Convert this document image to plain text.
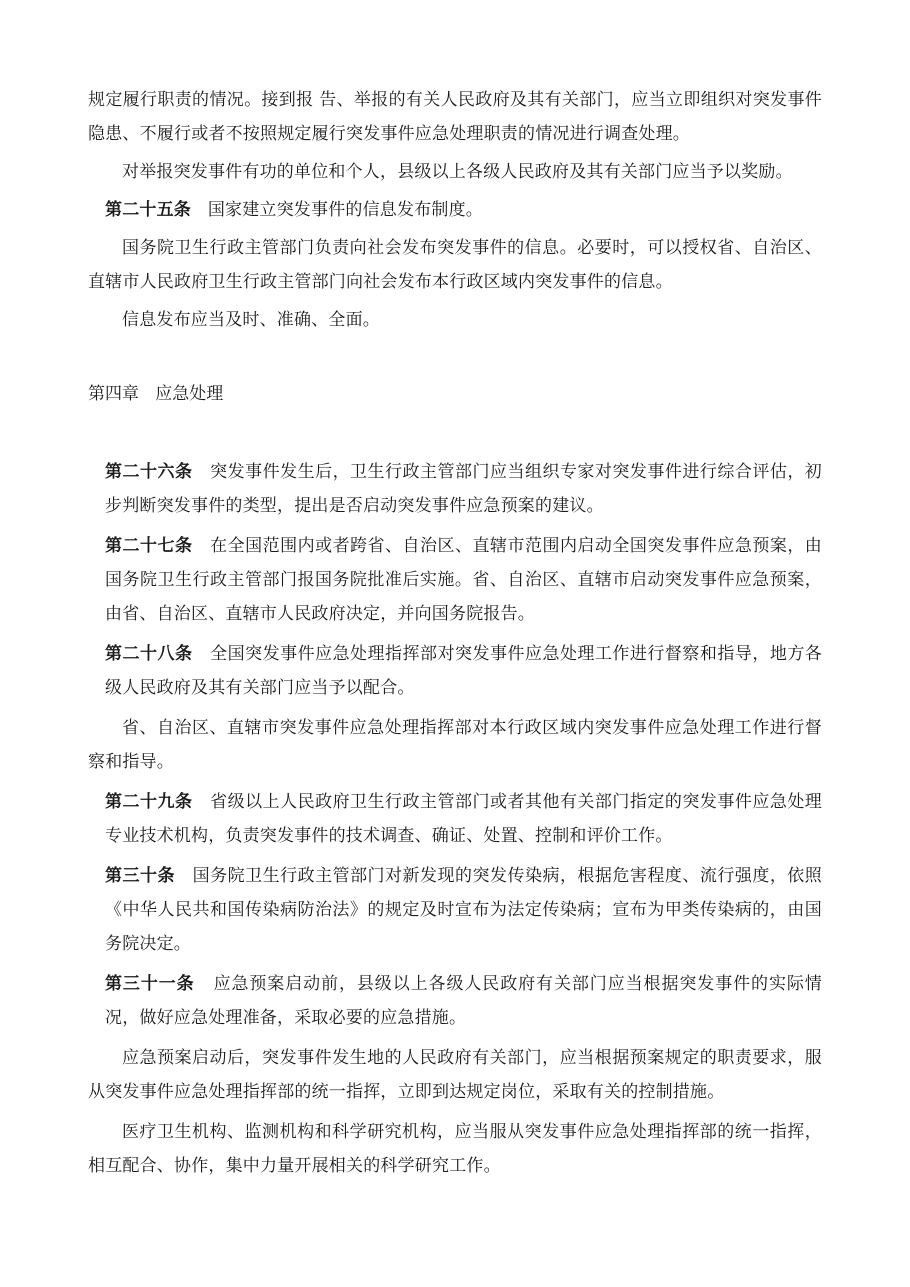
规定履行职责的情况。接到报 告、举报的有关人民政府及其有关部门，应当立即组织对突发事件隐患、不履行或者不按照规定履行突发事件应急处理职责的情况进行调查处理。

对举报突发事件有功的单位和个人，县级以上各级人民政府及其有关部门应当予以奖励。

第二十五条 国家建立突发事件的信息发布制度。

国务院卫生行政主管部门负责向社会发布突发事件的信息。必要时，可以授权省、自治区、直辖市人民政府卫生行政主管部门向社会发布本行政区域内突发事件的信息。

信息发布应当及时、准确、全面。

第四章 应急处理

第二十六条 突发事件发生后，卫生行政主管部门应当组织专家对突发事件进行综合评估，初步判断突发事件的类型，提出是否启动突发事件应急预案的建议。

第二十七条 在全国范围内或者跨省、自治区、直辖市范围内启动全国突发事件应急预案，由国务院卫生行政主管部门报国务院批准后实施。省、自治区、直辖市启动突发事件应急预案，由省、自治区、直辖市人民政府决定，并向国务院报告。

第二十八条 全国突发事件应急处理指挥部对突发事件应急处理工作进行督察和指导，地方各级人民政府及其有关部门应当予以配合。

省、自治区、直辖市突发事件应急处理指挥部对本行政区域内突发事件应急处理工作进行督察和指导。

第二十九条 省级以上人民政府卫生行政主管部门或者其他有关部门指定的突发事件应急处理专业技术机构，负责突发事件的技术调查、确证、处置、控制和评价工作。

第三十条 国务院卫生行政主管部门对新发现的突发传染病，根据危害程度、流行强度，依照《中华人民共和国传染病防治法》的规定及时宣布为法定传染病；宣布为甲类传染病的，由国务院决定。

第三十一条 应急预案启动前，县级以上各级人民政府有关部门应当根据突发事件的实际情况，做好应急处理准备，采取必要的应急措施。

应急预案启动后，突发事件发生地的人民政府有关部门，应当根据预案规定的职责要求，服从突发事件应急处理指挥部的统一指挥，立即到达规定岗位，采取有关的控制措施。

医疗卫生机构、监测机构和科学研究机构，应当服从突发事件应急处理指挥部的统一指挥，相互配合、协作，集中力量开展相关的科学研究工作。
